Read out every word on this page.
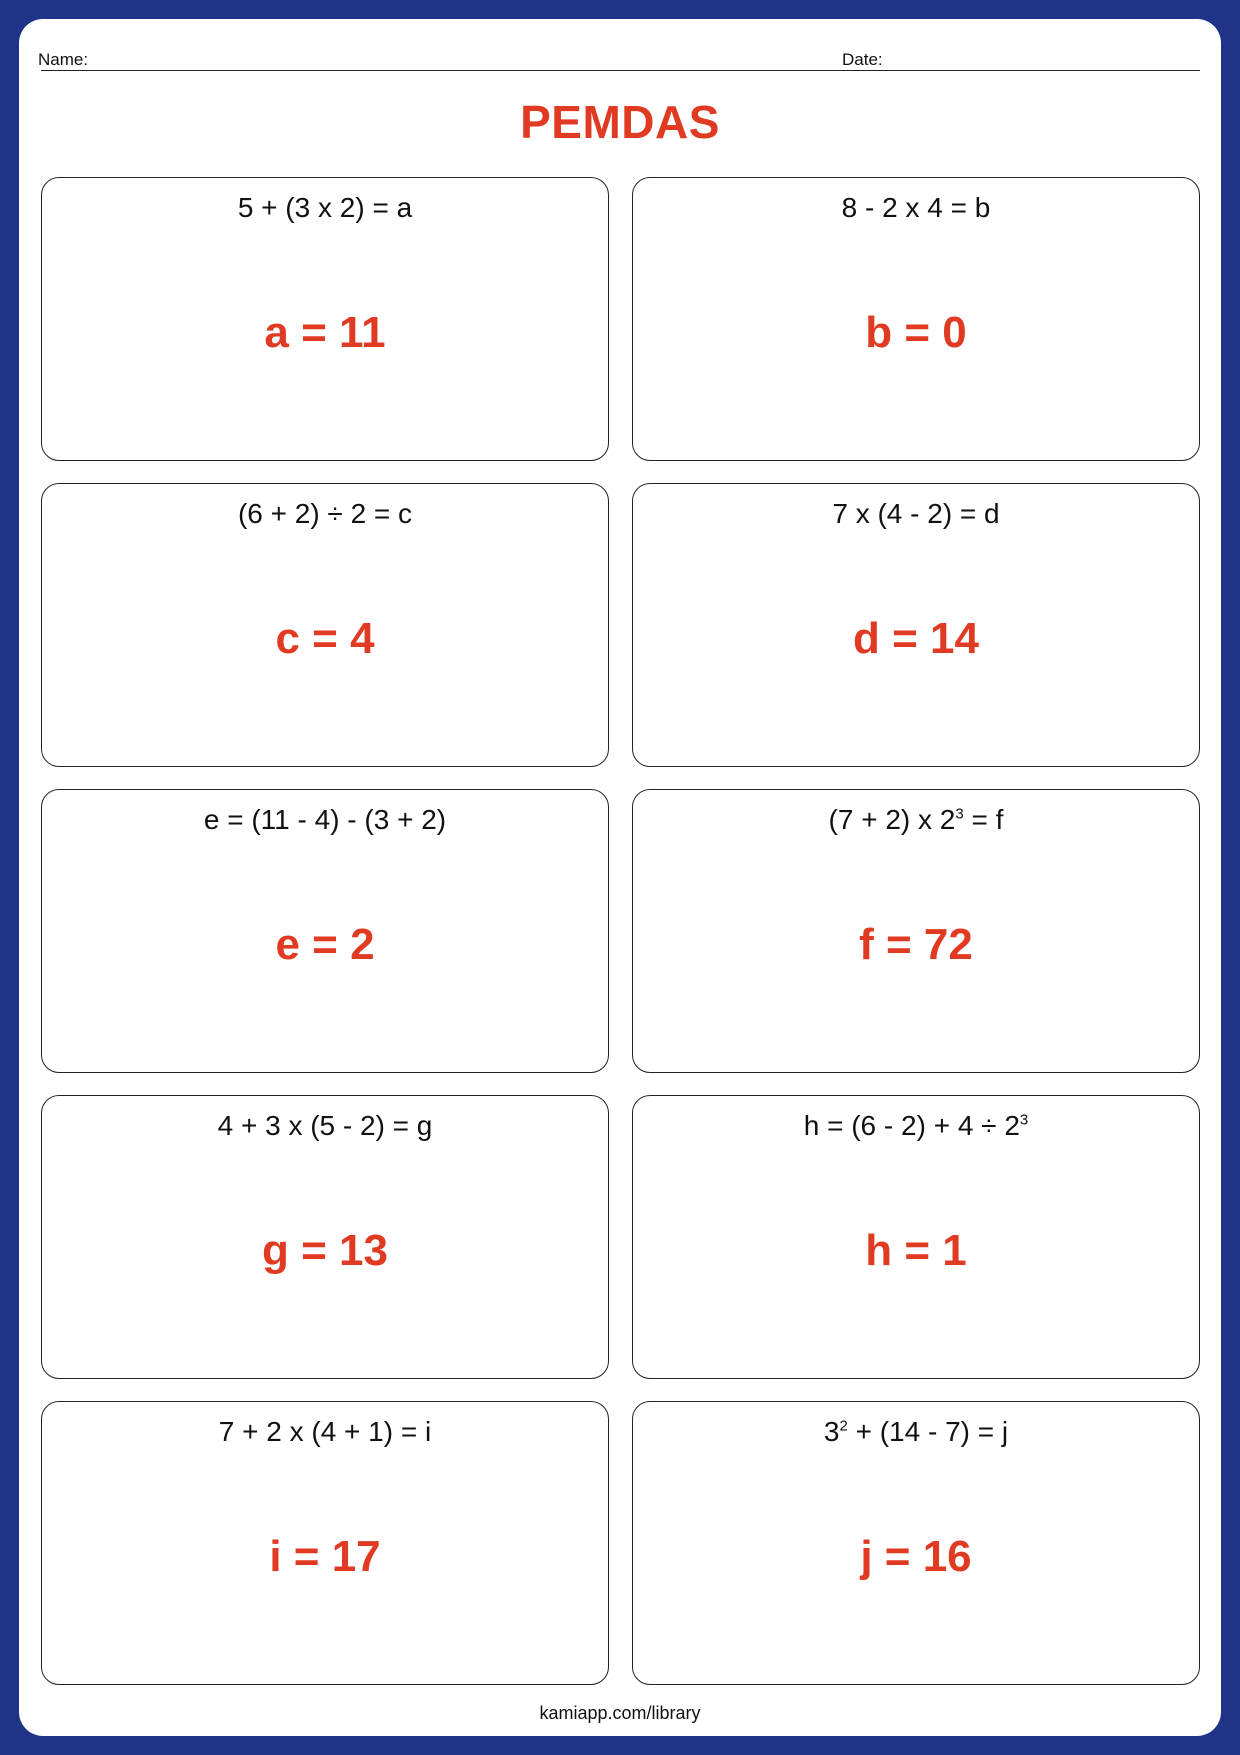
Name:	Date:
PEMDAS
5 + (3 x 2) = a
a = 11
8 - 2 x 4 = b
b = 0
(6 + 2) ÷ 2 = c
c = 4
7 x (4 - 2) = d
d = 14
e = (11 - 4) - (3 + 2)
e = 2
(7 + 2) x $2^3 = f$
f = 72
4 + 3 x (5 - 2) = g
g = 13
$h = (6 - 2) + 4 \div 2^3$
h = 1
7 + 2 x (4 + 1) = i
i = 17
$3^2 + (14 - 7) = j$
j = 16
kamiapp.com/library
